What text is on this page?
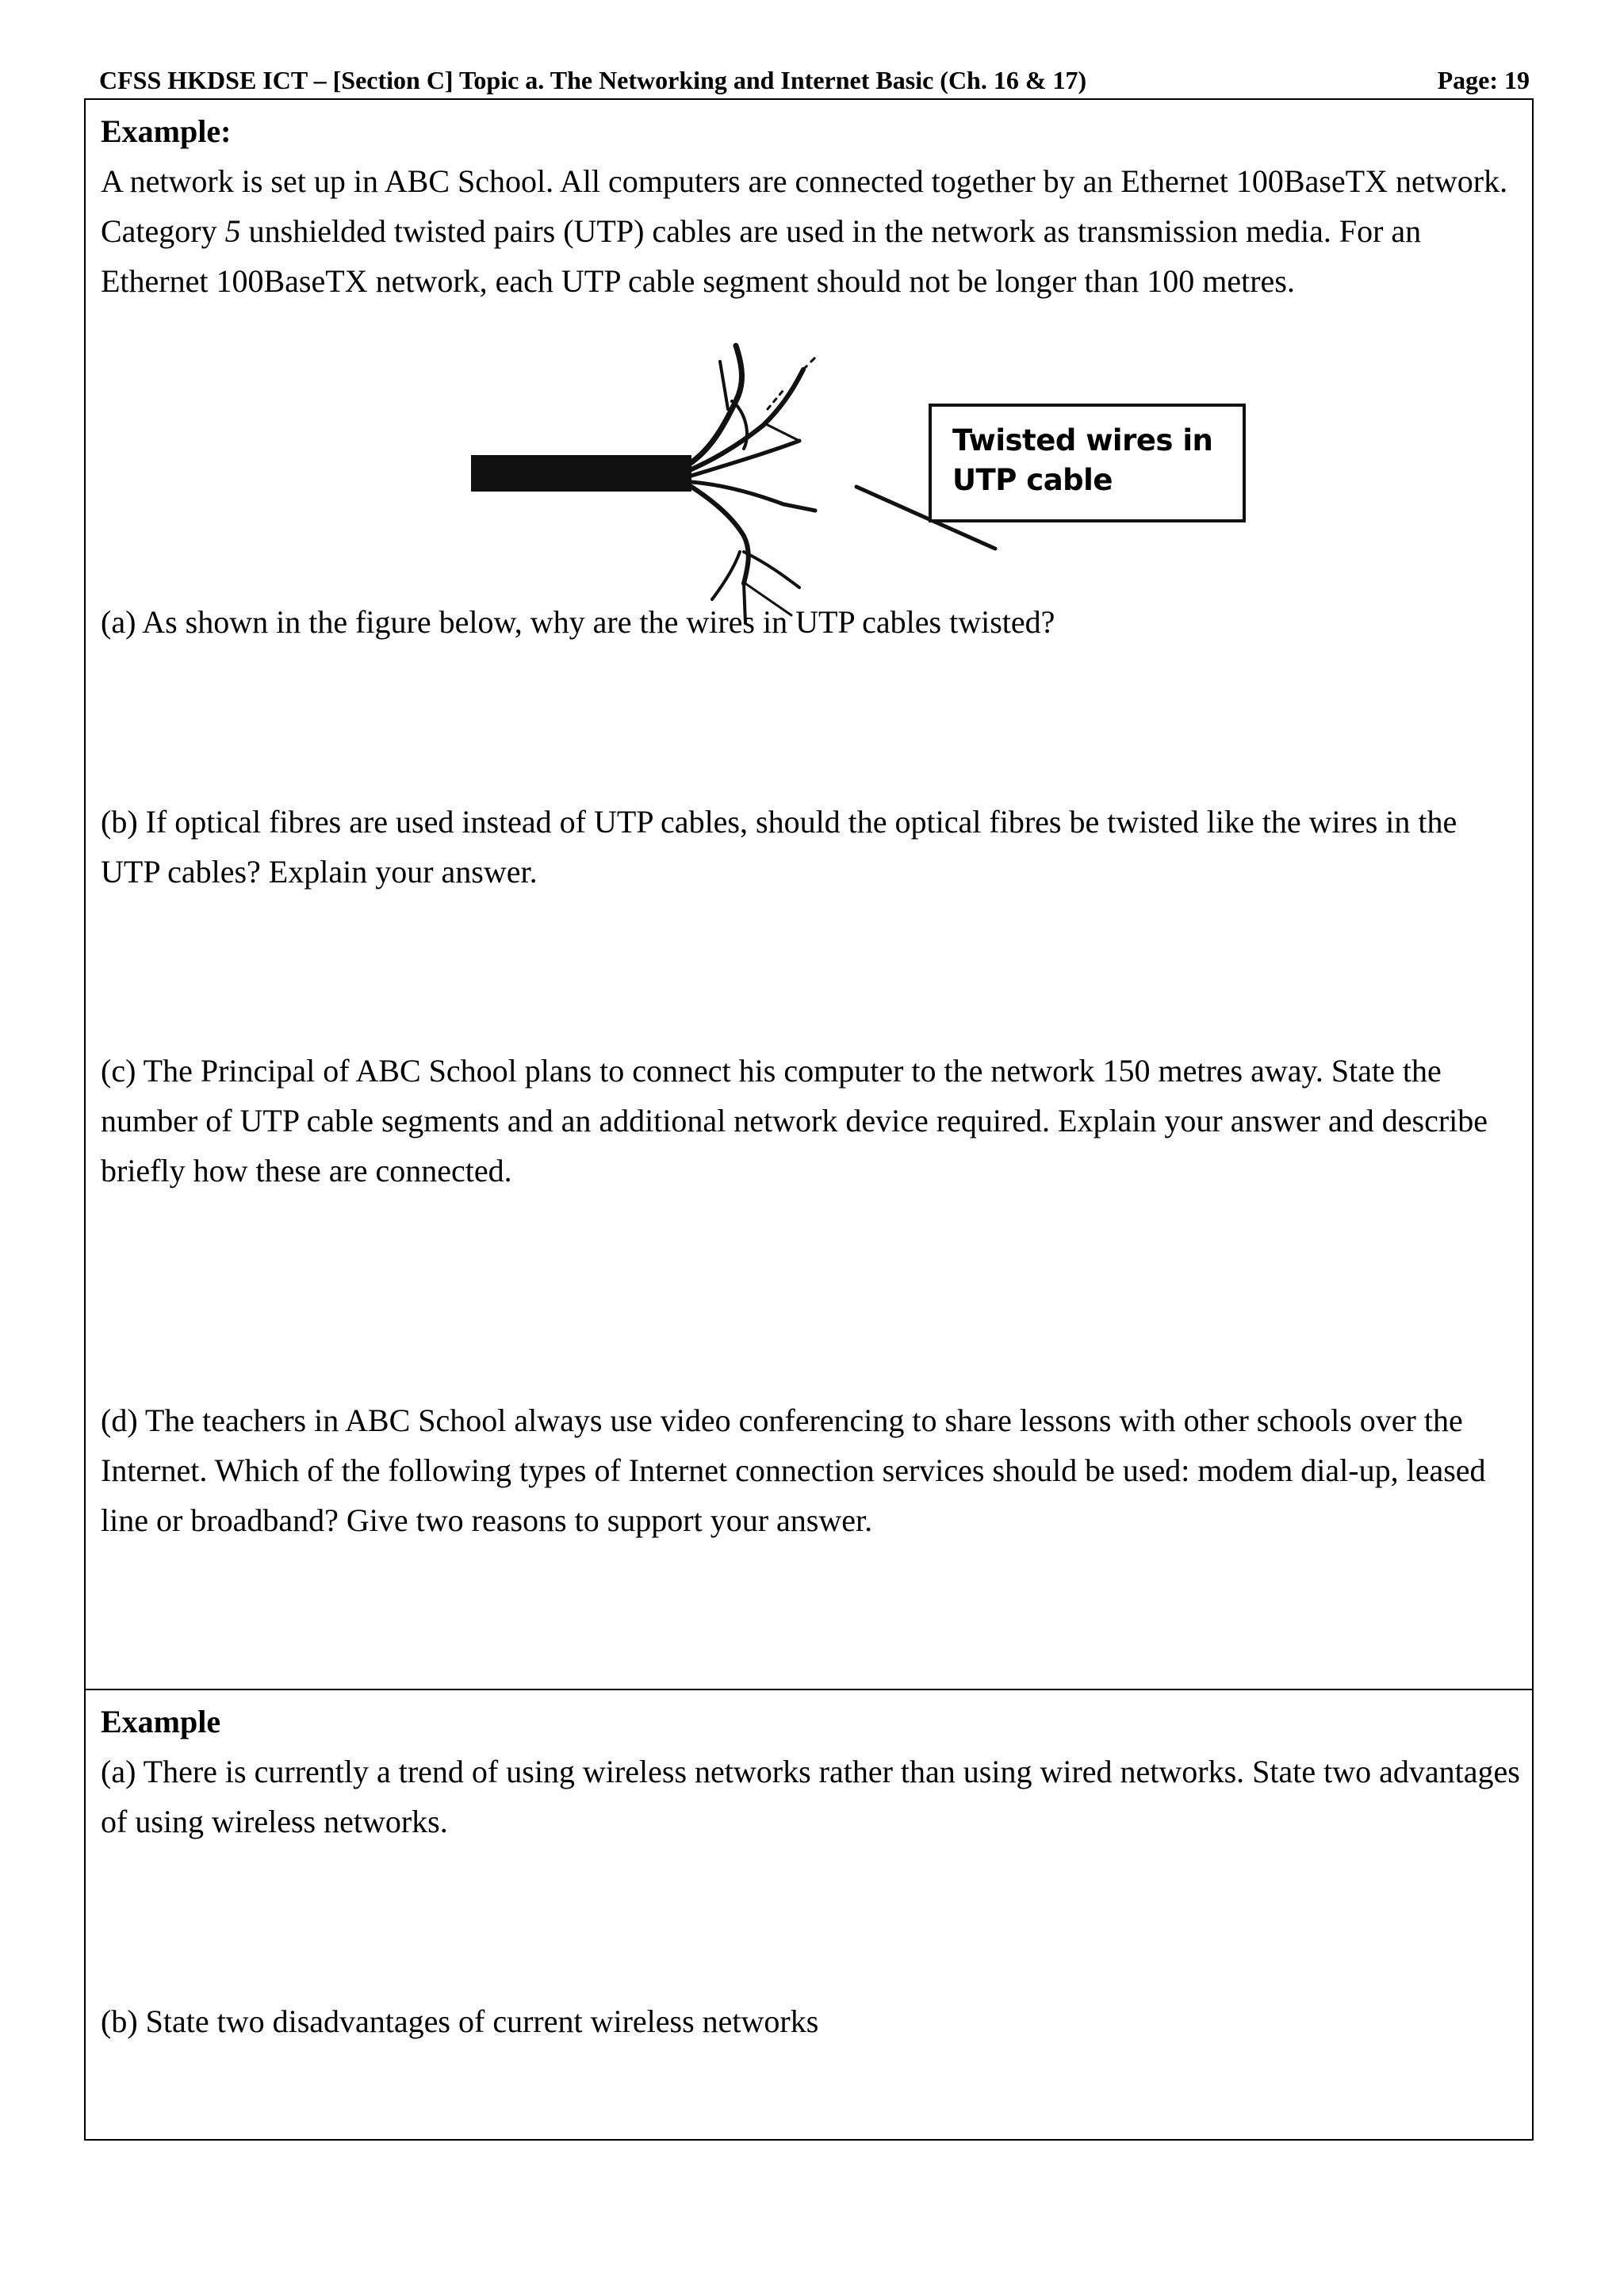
CFSS HKDSE ICT – [Section C] Topic a. The Networking and Internet Basic (Ch. 16 & 17)	Page: 19
Example:
A network is set up in ABC School. All computers are connected together by an Ethernet 100BaseTX network. Category 5 unshielded twisted pairs (UTP) cables are used in the network as transmission media. For an Ethernet 100BaseTX network, each UTP cable segment should not be longer than 100 metres.
Twisted wires in UTP cable
(a) As shown in the figure below, why are the wires in UTP cables twisted?
(b) If optical fibres are used instead of UTP cables, should the optical fibres be twisted like the wires in the UTP cables? Explain your answer.
(c) The Principal of ABC School plans to connect his computer to the network 150 metres away. State the number of UTP cable segments and an additional network device required. Explain your answer and describe briefly how these are connected.
(d) The teachers in ABC School always use video conferencing to share lessons with other schools over the Internet. Which of the following types of Internet connection services should be used: modem dial-up, leased line or broadband? Give two reasons to support your answer.
Example
(a) There is currently a trend of using wireless networks rather than using wired networks. State two advantages of using wireless networks.
(b) State two disadvantages of current wireless networks
